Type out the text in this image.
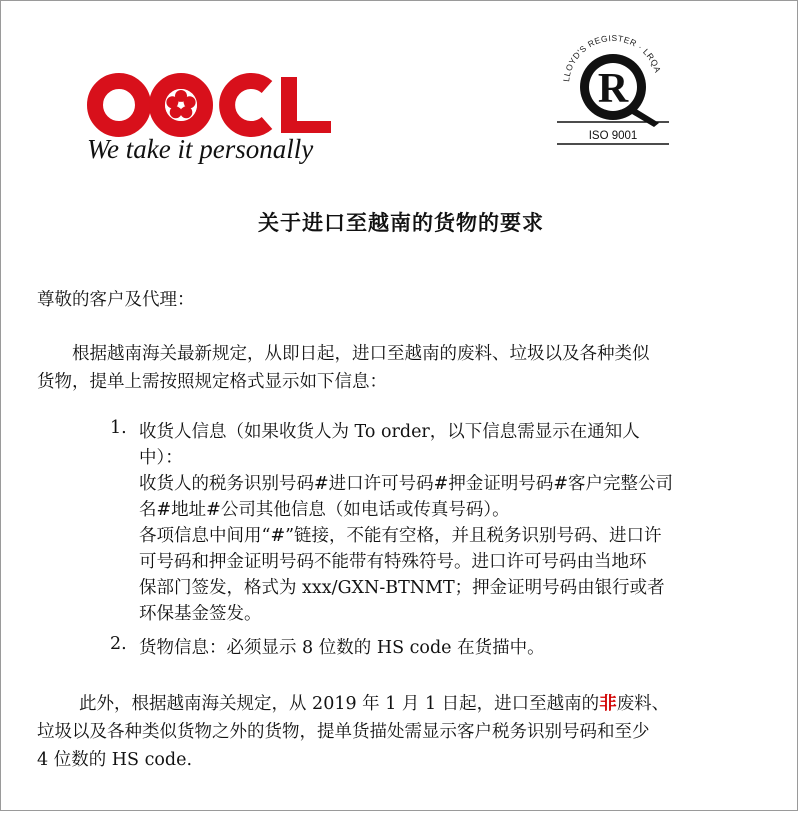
We take it personally
LLOYD'S REGISTER · LRQA
R
ISO 9001
关于进口至越南的货物的要求
尊敬的客户及代理：
根据越南海关最新规定，从即日起，进口至越南的废料、垃圾以及各种类似
货物，提单上需按照规定格式显示如下信息：
1. 收货人信息（如果收货人为 To order，以下信息需显示在通知人
中）：
收货人的税务识别号码#进口许可号码#押金证明号码#客户完整公司
名#地址#公司其他信息（如电话或传真号码）。
各项信息中间用“#”链接，不能有空格，并且税务识别号码、进口许
可号码和押金证明号码不能带有特殊符号。进口许可号码由当地环
保部门签发，格式为 xxx/GXN-BTNMT；押金证明号码由银行或者
环保基金签发。
2. 货物信息：必须显示 8 位数的 HS code 在货描中。
此外，根据越南海关规定，从 2019 年 1 月 1 日起，进口至越南的非废料、
垃圾以及各种类似货物之外的货物，提单货描处需显示客户税务识别号码和至少
4 位数的 HS code.
